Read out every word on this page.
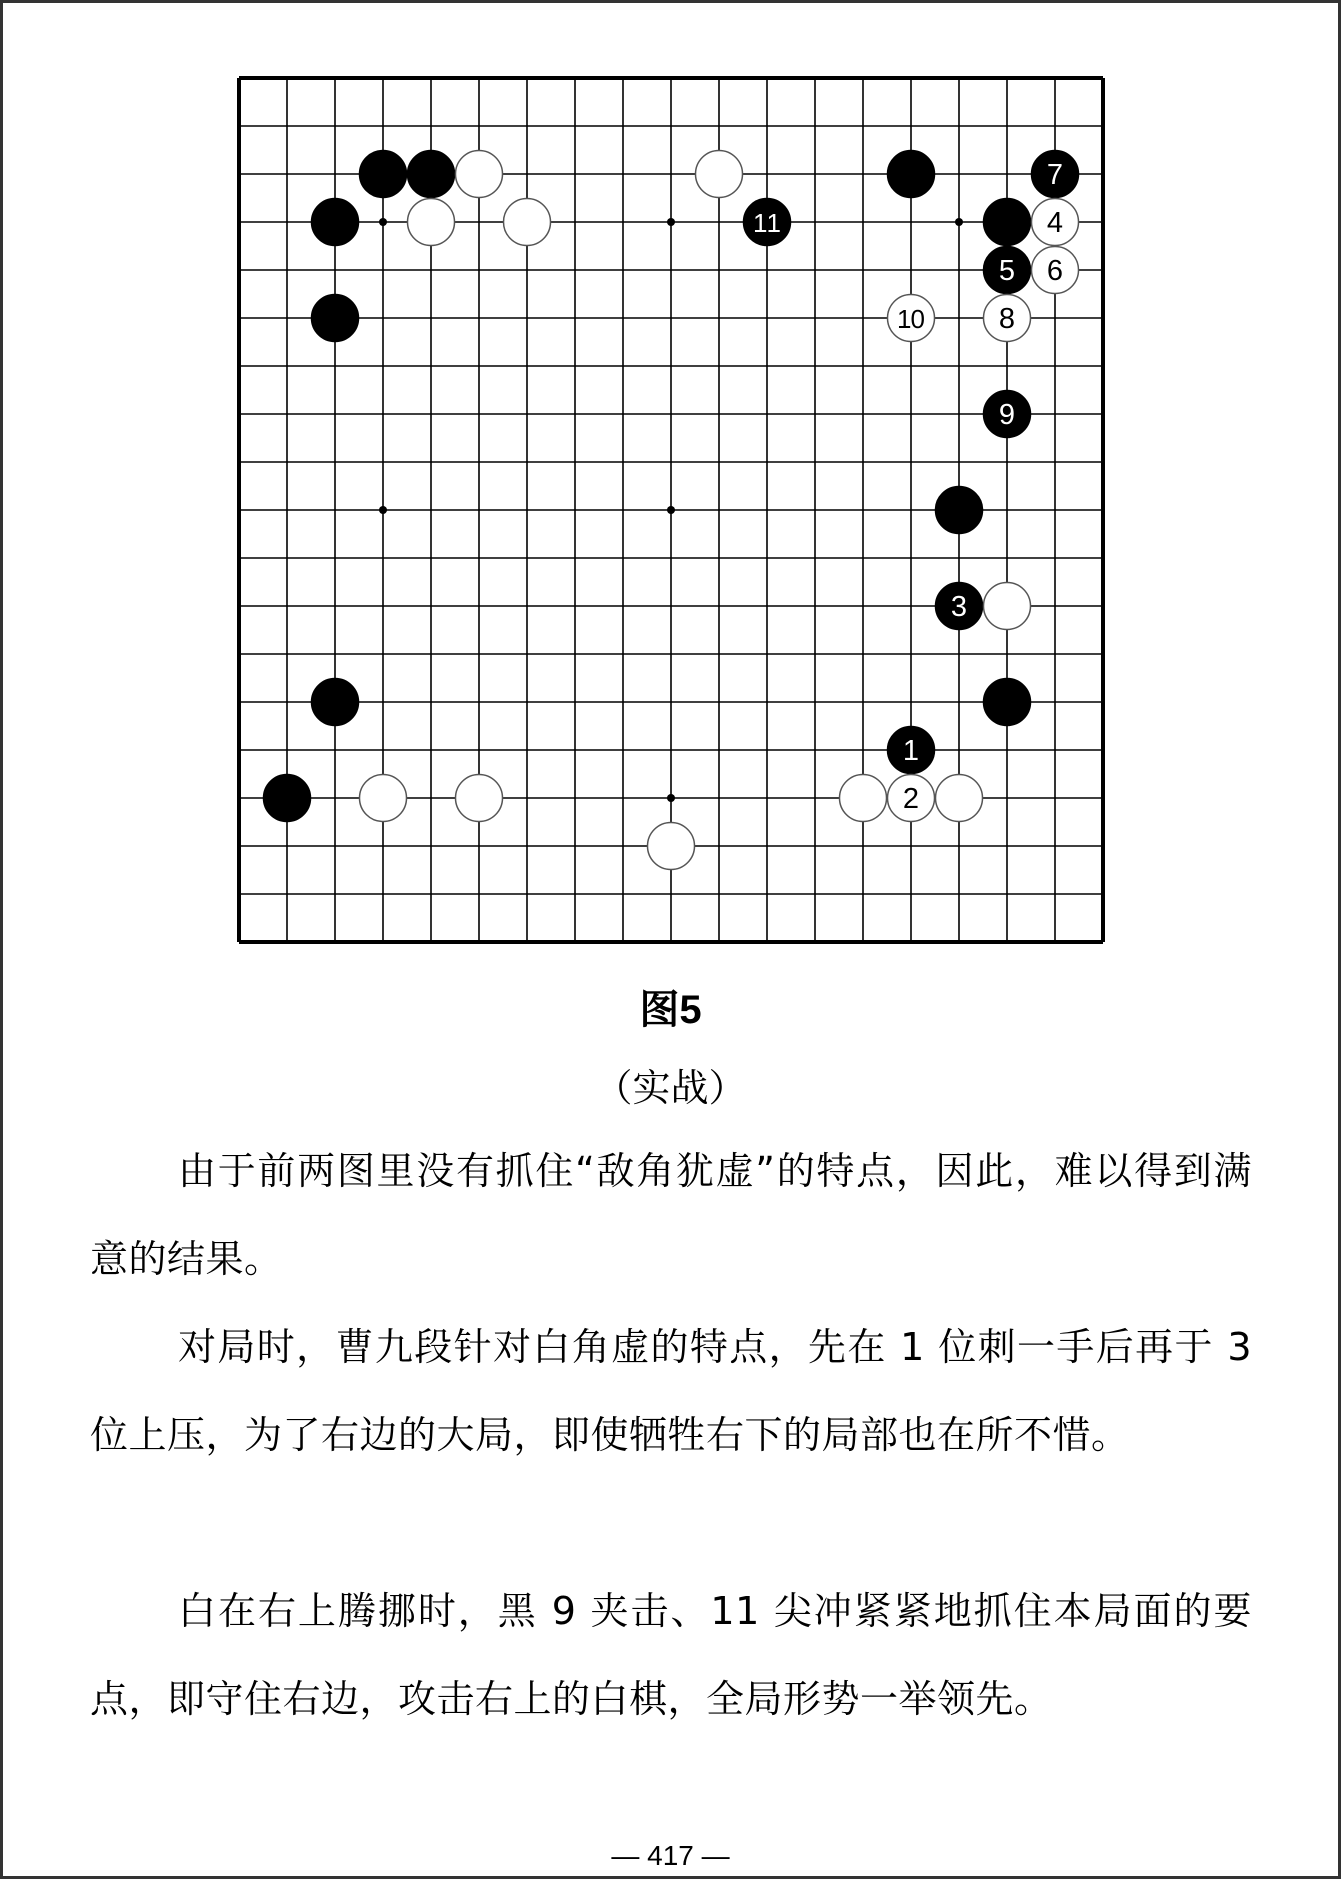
7
11	4
5 6
10	8
9
3
1
2
图5
（实战）

由于前两图里没有抓住“敌角犹虚”的特点，因此，难以得到满意的结果。

对局时，曹九段针对白角虚的特点，先在 1 位刺一手后再于 3 位上压，为了右边的大局，即使牺牲右下的局部也在所不惜。

白在右上腾挪时，黑 9 夹击、11 尖冲紧紧地抓住本局面的要点，即守住右边，攻击右上的白棋，全局形势一举领先。

— 417 —
